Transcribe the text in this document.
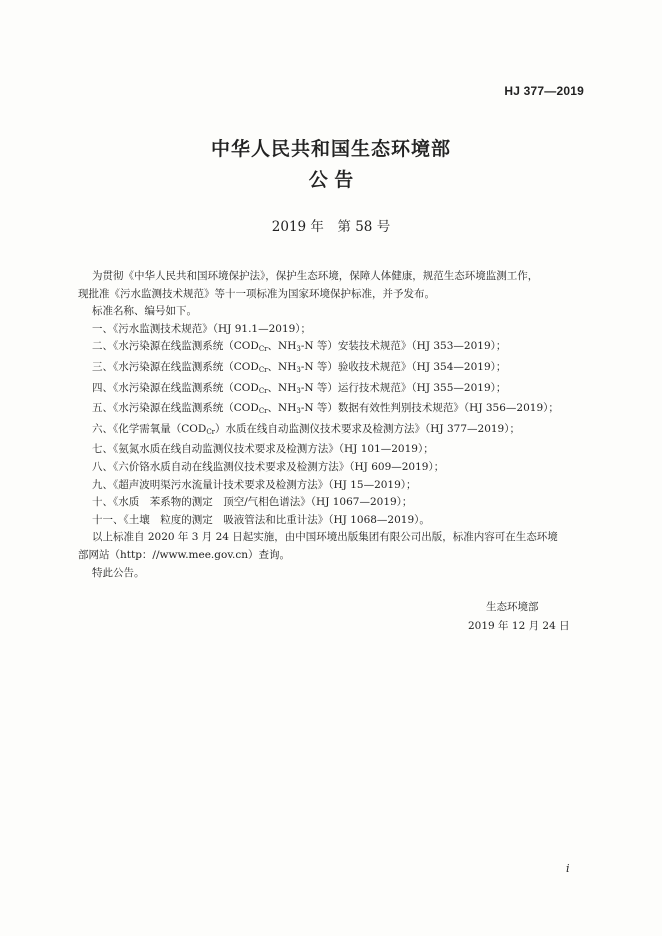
HJ 377—2019
中华人民共和国生态环境部
公 告
2019 年　第 58 号

为贯彻《中华人民共和国环境保护法》，保护生态环境，保障人体健康，规范生态环境监测工作，

现批准《污水监测技术规范》等十一项标准为国家环境保护标准，并予发布。

标准名称、编号如下。

一、《污水监测技术规范》（HJ 91.1—2019）；

二、《水污染源在线监测系统（$COD_{Cr}$、$NH_3-N$ 等）安装技术规范》（HJ 353—2019）；

三、《水污染源在线监测系统（$COD_{Cr}$、$NH_3-N$ 等）验收技术规范》（HJ 354—2019）；

四、《水污染源在线监测系统（$COD_{Cr}$、$NH_3-N$ 等）运行技术规范》（HJ 355—2019）；

五、《水污染源在线监测系统（$COD_{Cr}$、$NH_3-N$ 等）数据有效性判别技术规范》（HJ 356—2019）；

六、《化学需氧量$(COD_{Cr})$水质在线自动监测仪技术要求及检测方法》（HJ 377—2019）；

七、《氨氮水质在线自动监测仪技术要求及检测方法》（HJ 101—2019）；

八、《六价铬水质自动在线监测仪技术要求及检测方法》（HJ 609—2019）；

九、《超声波明渠污水流量计技术要求及检测方法》（HJ 15—2019）；

十、《水质　苯系物的测定　顶空/气相色谱法》（HJ 1067—2019）；

十一、《土壤　粒度的测定　吸液管法和比重计法》（HJ 1068—2019）。

以上标准自 2020 年 3 月 24 日起实施，由中国环境出版集团有限公司出版，标准内容可在生态环境

部网站（http：//www.mee.gov.cn）查询。

特此公告。

生态环境部
2019 年 12 月 24 日
i
